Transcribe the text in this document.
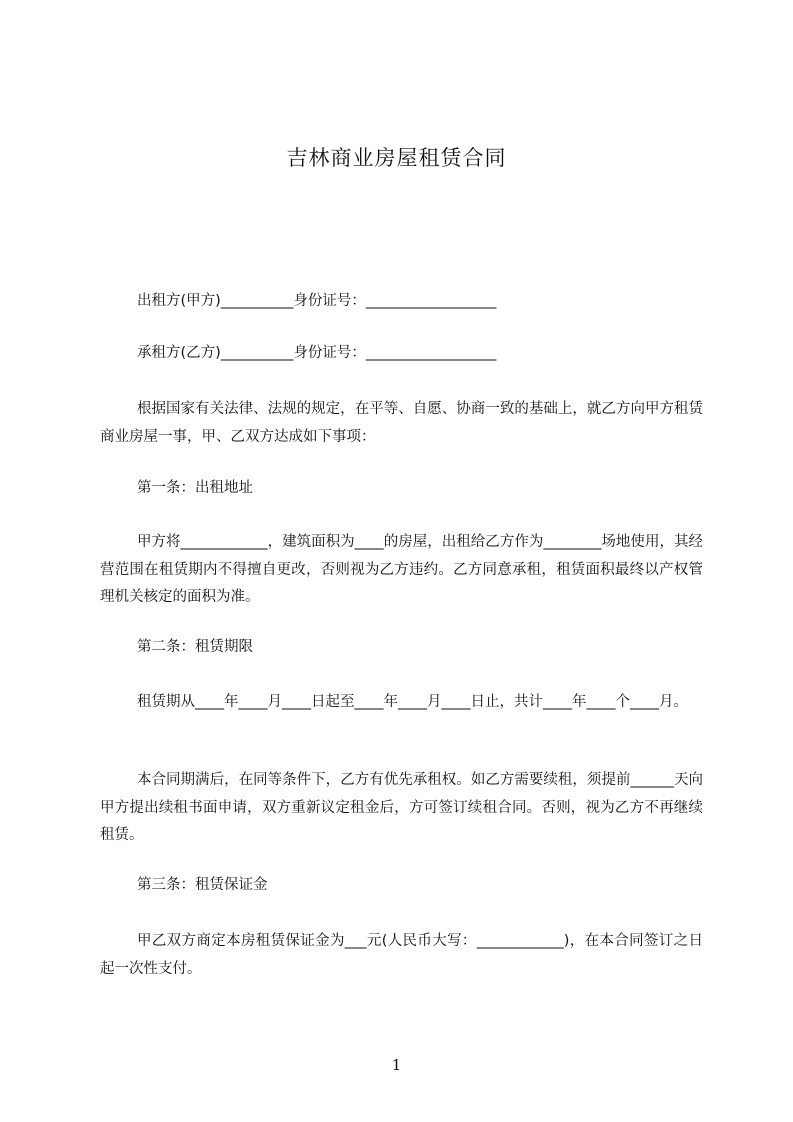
吉林商业房屋租赁合同

出租方(甲方)__________身份证号：__________________

承租方(乙方)__________身份证号：__________________

根据国家有关法律、法规的规定，在平等、自愿、协商一致的基础上，就乙方向甲方租赁商业房屋一事，甲、乙双方达成如下事项：

第一条：出租地址

甲方将____________，建筑面积为____的房屋，出租给乙方作为________场地使用，其经营范围在租赁期内不得擅自更改，否则视为乙方违约。乙方同意承租，租赁面积最终以产权管理机关核定的面积为准。

第二条：租赁期限

租赁期从____年____月____日起至____年____月____日止，共计____年____个____月。

本合同期满后，在同等条件下，乙方有优先承租权。如乙方需要续租，须提前______天向甲方提出续租书面申请，双方重新议定租金后，方可签订续租合同。否则，视为乙方不再继续租赁。

第三条：租赁保证金

甲乙双方商定本房租赁保证金为___元(人民币大写：____________)，在本合同签订之日起一次性支付。

1
